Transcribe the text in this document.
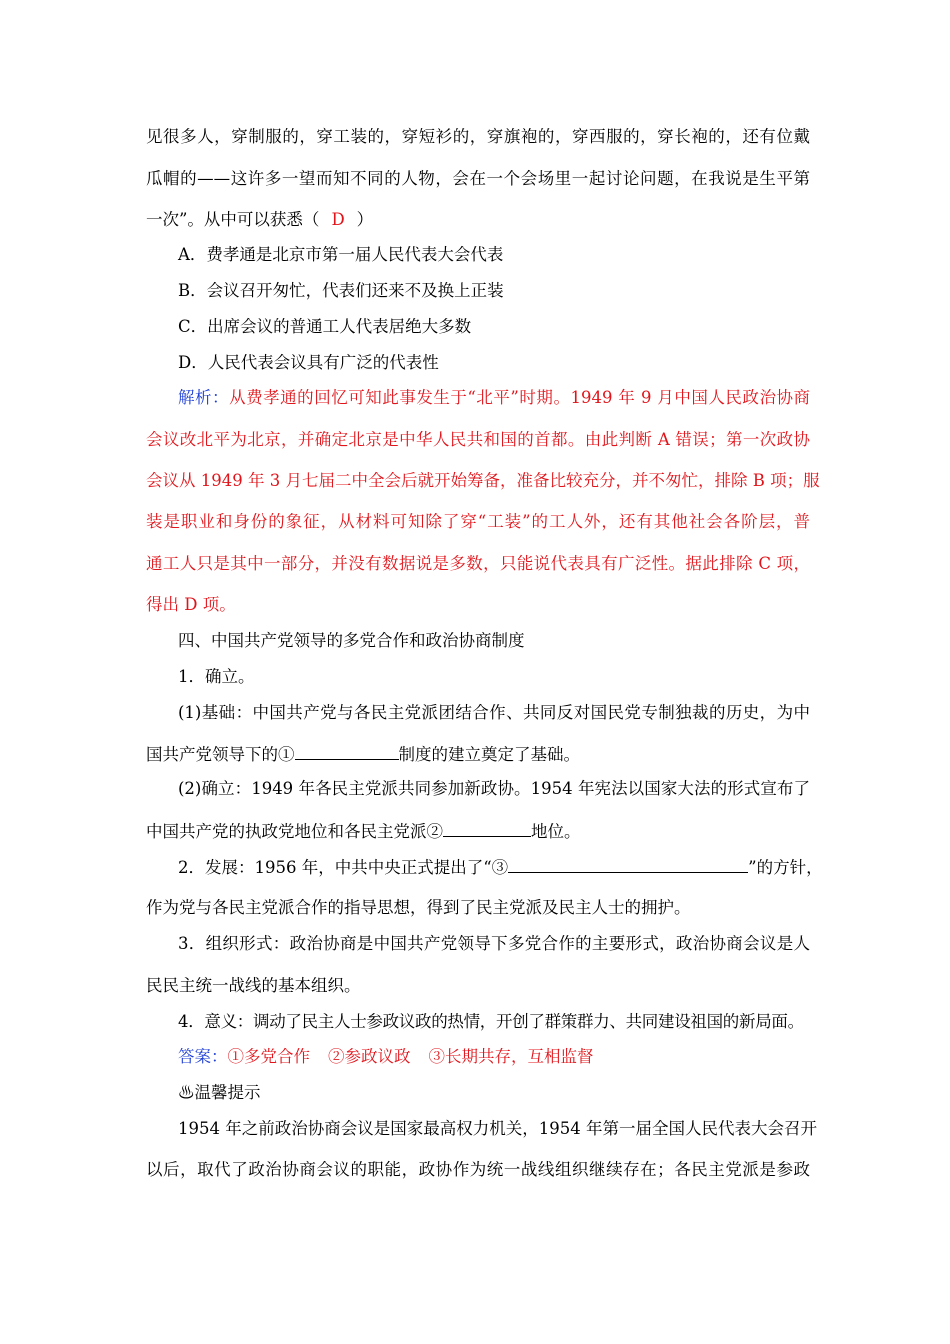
见很多人，穿制服的，穿工装的，穿短衫的，穿旗袍的，穿西服的，穿长袍的，还有位戴
瓜帽的——这许多一望而知不同的人物，会在一个会场里一起讨论问题，在我说是生平第
一次”。从中可以获悉（ D ）
A．费孝通是北京市第一届人民代表大会代表
B．会议召开匆忙，代表们还来不及换上正装
C．出席会议的普通工人代表居绝大多数
D．人民代表会议具有广泛的代表性
解析：从费孝通的回忆可知此事发生于“北平”时期。1949 年 9 月中国人民政治协商
会议改北平为北京，并确定北京是中华人民共和国的首都。由此判断 A 错误；第一次政协
会议从 1949 年 3 月七届二中全会后就开始筹备，准备比较充分，并不匆忙，排除 B 项；服
装是职业和身份的象征，从材料可知除了穿“工装”的工人外，还有其他社会各阶层，普
通工人只是其中一部分，并没有数据说是多数，只能说代表具有广泛性。据此排除 C 项，
得出 D 项。
四、中国共产党领导的多党合作和政治协商制度
1．确立。
(1)基础：中国共产党与各民主党派团结合作、共同反对国民党专制独裁的历史，为中
国共产党领导下的①	制度的建立奠定了基础。
(2)确立：1949 年各民主党派共同参加新政协。1954 年宪法以国家大法的形式宣布了
中国共产党的执政党地位和各民主党派②	地位。
2．发展：1956 年，中共中央正式提出了“③	”的方针，
作为党与各民主党派合作的指导思想，得到了民主党派及民主人士的拥护。
3．组织形式：政治协商是中国共产党领导下多党合作的主要形式，政治协商会议是人
民民主统一战线的基本组织。
4．意义：调动了民主人士参政议政的热情，开创了群策群力、共同建设祖国的新局面。
答案：①多党合作 ②参政议政 ③长期共存，互相监督
♨温馨提示
1954 年之前政治协商会议是国家最高权力机关，1954 年第一届全国人民代表大会召开
以后，取代了政治协商会议的职能，政协作为统一战线组织继续存在；各民主党派是参政
